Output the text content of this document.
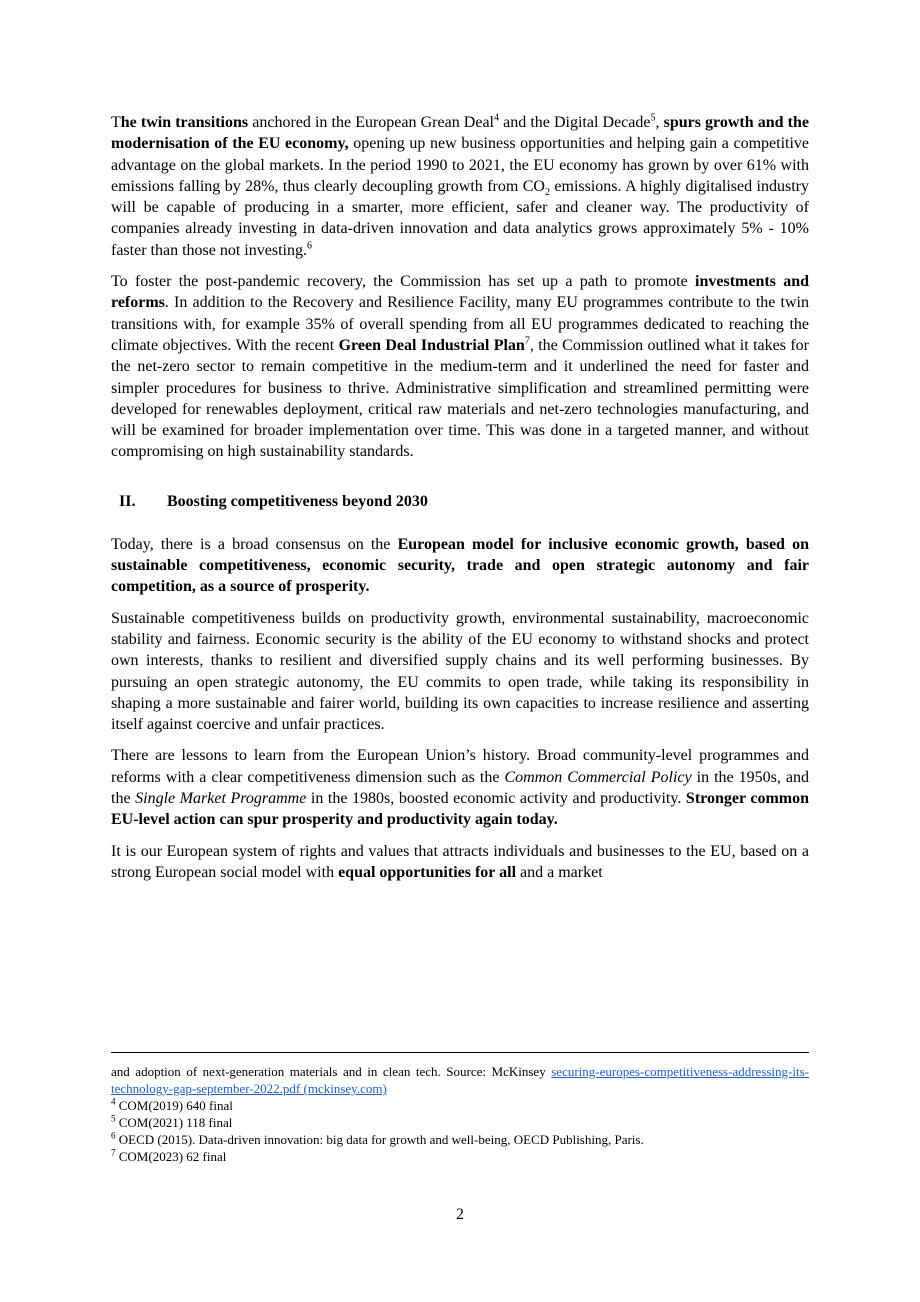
The twin transitions anchored in the European Grean Deal$^4$ and the Digital Decade$^5$, spurs growth and the modernisation of the EU economy, opening up new business opportunities and helping gain a competitive advantage on the global markets. In the period 1990 to 2021, the EU economy has grown by over 61% with emissions falling by 28%, thus clearly decoupling growth from $CO_2$ emissions. A highly digitalised industry will be capable of producing in a smarter, more efficient, safer and cleaner way. The productivity of companies already investing in data-driven innovation and data analytics grows approximately 5% - 10% faster than those not investing.$^6$

To foster the post-pandemic recovery, the Commission has set up a path to promote investments and reforms. In addition to the Recovery and Resilience Facility, many EU programmes contribute to the twin transitions with, for example 35% of overall spending from all EU programmes dedicated to reaching the climate objectives. With the recent Green Deal Industrial Plan$^7$, the Commission outlined what it takes for the net-zero sector to remain competitive in the medium-term and it underlined the need for faster and simpler procedures for business to thrive. Administrative simplification and streamlined permitting were developed for renewables deployment, critical raw materials and net-zero technologies manufacturing, and will be examined for broader implementation over time. This was done in a targeted manner, and without compromising on high sustainability standards.

II.	Boosting competitiveness beyond 2030

Today, there is a broad consensus on the European model for inclusive economic growth, based on sustainable competitiveness, economic security, trade and open strategic autonomy and fair competition, as a source of prosperity.

Sustainable competitiveness builds on productivity growth, environmental sustainability, macroeconomic stability and fairness. Economic security is the ability of the EU economy to withstand shocks and protect own interests, thanks to resilient and diversified supply chains and its well performing businesses. By pursuing an open strategic autonomy, the EU commits to open trade, while taking its responsibility in shaping a more sustainable and fairer world, building its own capacities to increase resilience and asserting itself against coercive and unfair practices.

There are lessons to learn from the European Union’s history. Broad community-level programmes and reforms with a clear competitiveness dimension such as the Common Commercial Policy in the 1950s, and the Single Market Programme in the 1980s, boosted economic activity and productivity. Stronger common EU-level action can spur prosperity and productivity again today.

It is our European system of rights and values that attracts individuals and businesses to the EU, based on a strong European social model with equal opportunities for all and a market

and adoption of next-generation materials and in clean tech. Source: McKinsey securing-europes-competitiveness-addressing-its-technology-gap-september-2022.pdf (mckinsey.com)

$^4$ COM(2019) 640 final

$^5$ COM(2021) 118 final

$^6$ OECD (2015). Data-driven innovation: big data for growth and well-being, OECD Publishing, Paris.

$^7$ COM(2023) 62 final

2
